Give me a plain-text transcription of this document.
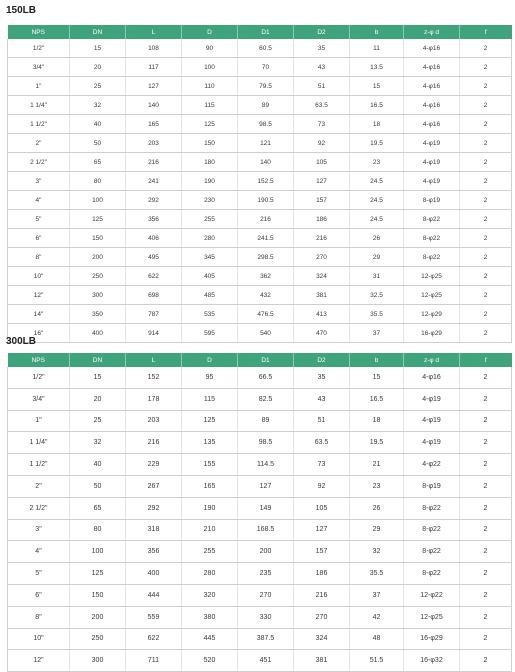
150LB
NPS	DN	L	D	D1	D2	b	z-φ d	f
1/2"	15	108	90	60.5	35	11	4-φ16	2
3/4"	20	117	100	70	43	13.5	4-φ16	2
1"	25	127	110	79.5	51	15	4-φ16	2
1 1/4"	32	140	115	89	63.5	16.5	4-φ16	2
1 1/2"	40	165	125	98.5	73	18	4-φ16	2
2"	50	203	150	121	92	19.5	4-φ19	2
2 1/2"	65	216	180	140	105	23	4-φ19	2
3"	80	241	190	152.5	127	24.5	4-φ19	2
4"	100	292	230	190.5	157	24.5	8-φ19	2
5"	125	356	255	216	186	24.5	8-φ22	2
6"	150	406	280	241.5	216	26	8-φ22	2
8"	200	495	345	298.5	270	29	8-φ22	2
10"	250	622	405	362	324	31	12-φ25	2
12"	300	698	485	432	381	32.5	12-φ25	2
14"	350	787	535	476.5	413	35.5	12-φ29	2
16"	400	914	595	540	470	37	16-φ29	2
300LB
NPS	DN	L	D	D1	D2	b	z-φ d	f
1/2"	15	152	95	66.5	35	15	4-φ16	2
3/4"	20	178	115	82.5	43	16.5	4-φ19	2
1"	25	203	125	89	51	18	4-φ19	2
1 1/4"	32	216	135	98.5	63.5	19.5	4-φ19	2
1 1/2"	40	229	155	114.5	73	21	4-φ22	2
2"	50	267	165	127	92	23	8-φ19	2
2 1/2"	65	292	190	149	105	26	8-φ22	2
3"	80	318	210	168.5	127	29	8-φ22	2
4"	100	356	255	200	157	32	8-φ22	2
5"	125	400	280	235	186	35.5	8-φ22	2
6"	150	444	320	270	216	37	12-φ22	2
8"	200	559	380	330	270	42	12-φ25	2
10"	250	622	445	387.5	324	48	16-φ29	2
12"	300	711	520	451	381	51.5	16-φ32	2
